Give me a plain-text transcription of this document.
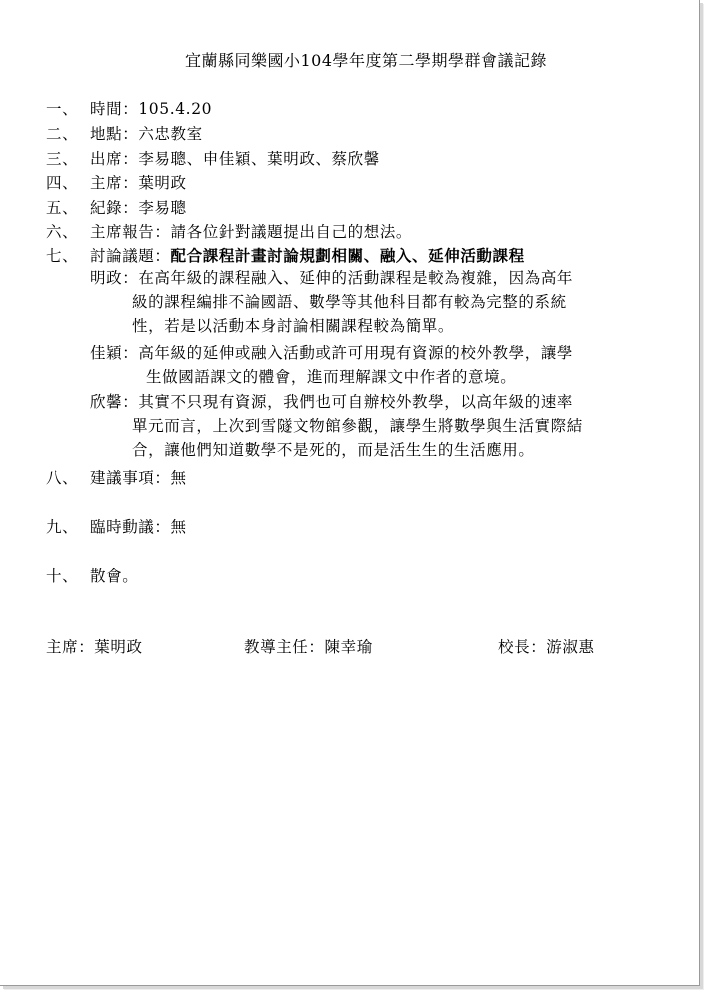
宜蘭縣同樂國小104學年度第二學期學群會議記錄
一、 時間：105.4.20
二、 地點：六忠教室
三、 出席：李易聰、申佳穎、葉明政、蔡欣馨
四、 主席：葉明政
五、 紀錄：李易聰
六、 主席報告：請各位針對議題提出自己的想法。
七、 討論議題：配合課程計畫討論規劃相關、融入、延伸活動課程
明政：在高年級的課程融入、延伸的活動課程是較為複雜，因為高年
級的課程編排不論國語、數學等其他科目都有較為完整的系統
性，若是以活動本身討論相關課程較為簡單。
佳穎：高年級的延伸或融入活動或許可用現有資源的校外教學，讓學
生做國語課文的體會，進而理解課文中作者的意境。
欣馨：其實不只現有資源，我們也可自辦校外教學，以高年級的速率
單元而言，上次到雪隧文物館參觀，讓學生將數學與生活實際結
合，讓他們知道數學不是死的，而是活生生的生活應用。
八、 建議事項：無
九、 臨時動議：無
十、 散會。
主席：葉明政	教導主任：陳幸瑜	校長：游淑惠
